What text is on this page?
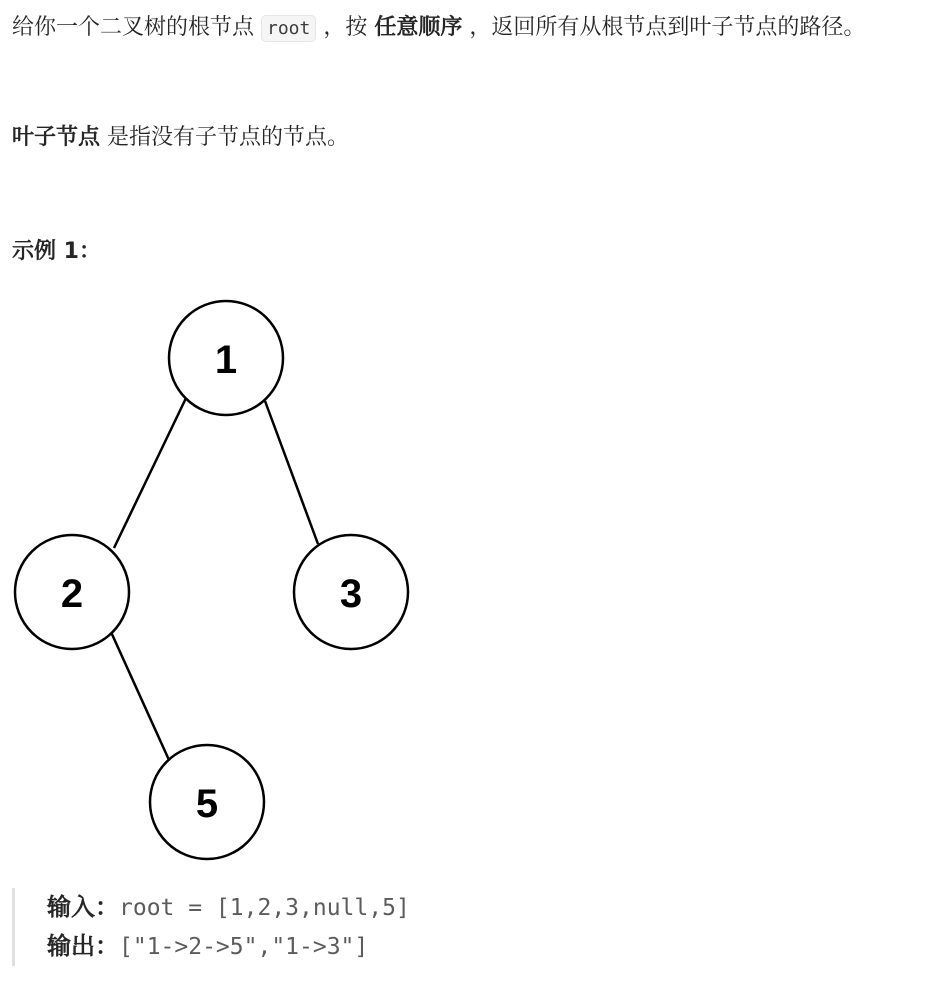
给你一个二叉树的根节点 root ，按 任意顺序 ，返回所有从根节点到叶子节点的路径。

叶子节点 是指没有子节点的节点。

示例 1：

1
2	3
5
输入：root = [1,2,3,null,5]
输出：["1->2->5","1->3"]
